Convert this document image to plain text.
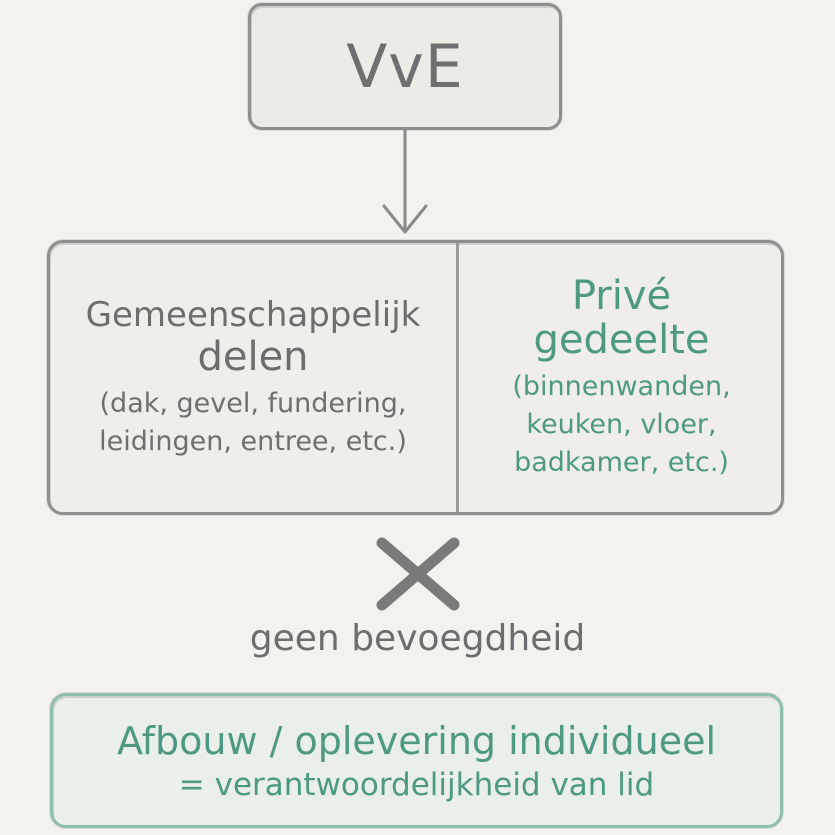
VvE
Gemeenschappelijk
delen
(dak, gevel, fundering,
leidingen, entree, etc.)
Privé
gedeelte
(binnenwanden,
keuken, vloer,
badkamer, etc.)
geen bevoegdheid
Afbouw / oplevering individueel
= verantwoordelijkheid van lid
